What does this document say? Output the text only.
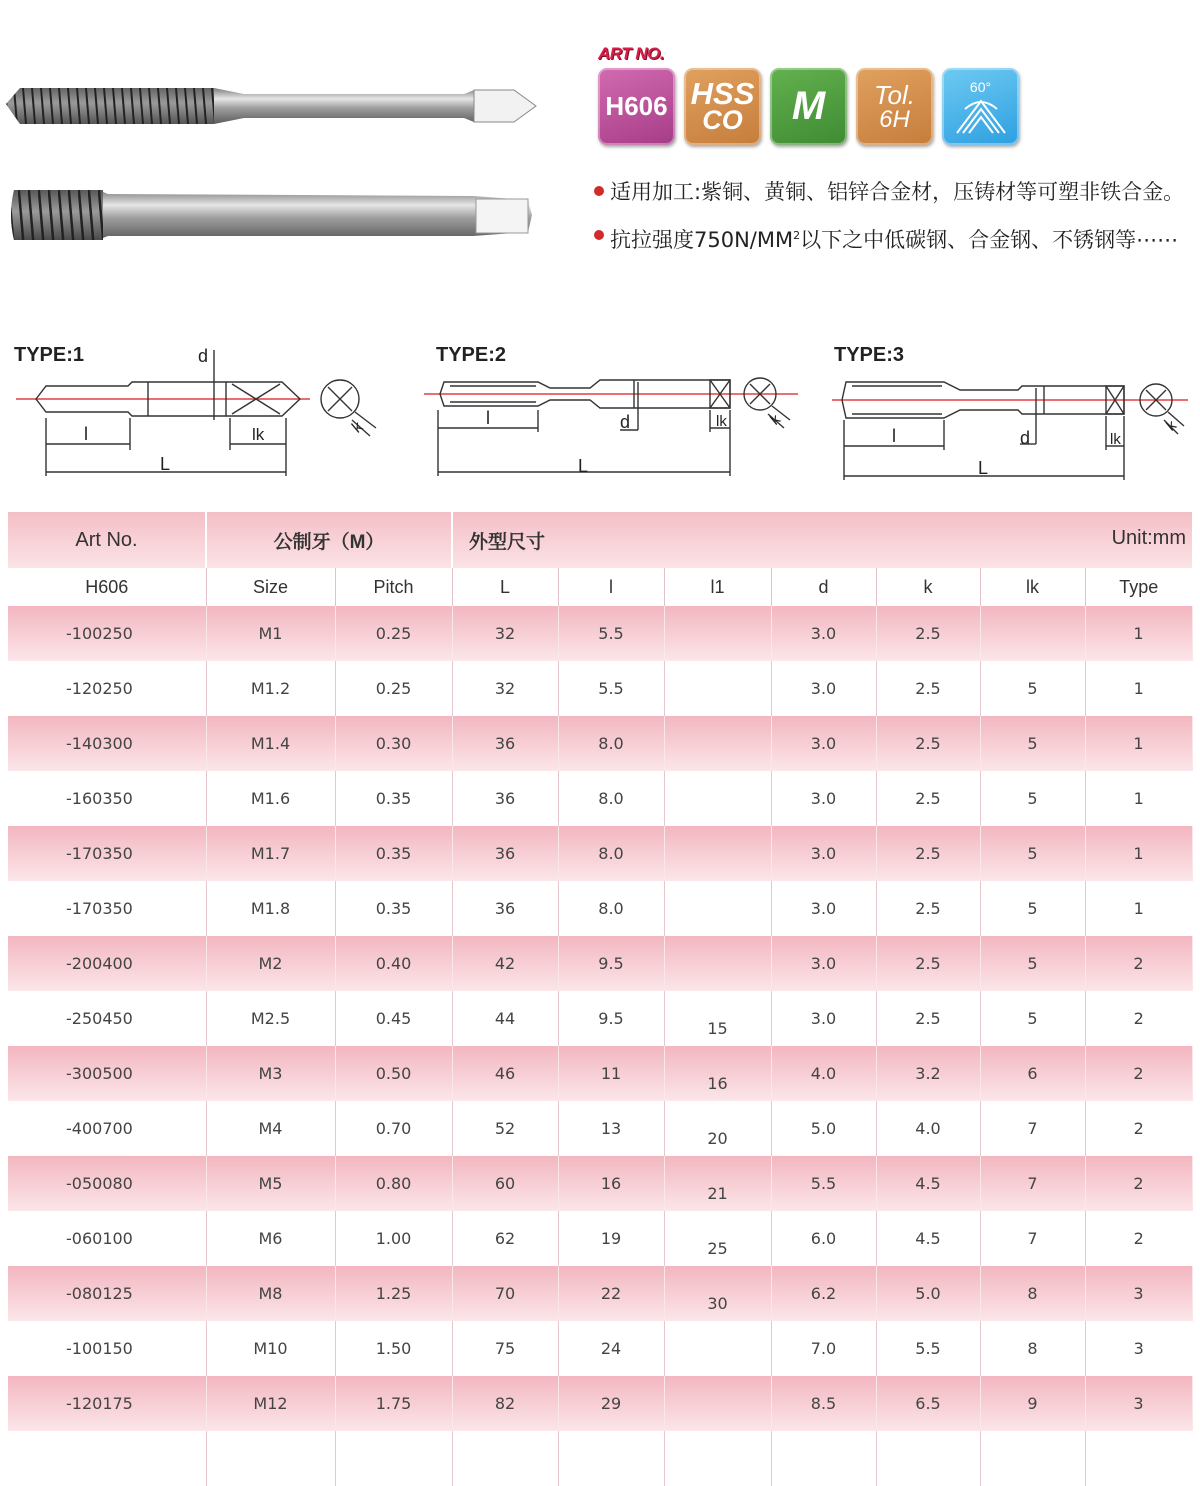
ART NO.
H606 HSS
CO M Tol.
6H
60°
适用加工:紫铜、黄铜、铝锌合金材，压铸材等可塑非铁合金。
抗拉强度$750N/MM^2$以下之中低碳钢、合金钢、不锈钢等⋯⋯
TYPE:1	d
l	lk
L
k
TYPE:2
l	d	lk
L
k
TYPE:3
l	d	lk
L
k
Art No.	公制牙（M）		外型尺寸 Unit:mm						

H606	Size	Pitch	L	l	l1	d	k	lk	Type
-100250	M1	0.25	32	5.5		3.0	2.5		1
-120250	M1.2	0.25	32	5.5		3.0	2.5	5	1
-140300	M1.4	0.30	36	8.0		3.0	2.5	5	1
-160350	M1.6	0.35	36	8.0		3.0	2.5	5	1
-170350	M1.7	0.35	36	8.0		3.0	2.5	5	1
-170350	M1.8	0.35	36	8.0		3.0	2.5	5	1
-200400	M2	0.40	42	9.5		3.0	2.5	5	2
-250450	M2.5	0.45	44	9.5	15	3.0	2.5	5	2
-300500	M3	0.50	46	11	16	4.0	3.2	6	2
-400700	M4	0.70	52	13	20	5.0	4.0	7	2
-050080	M5	0.80	60	16	21	5.5	4.5	7	2
-060100	M6	1.00	62	19	25	6.0	4.5	7	2
-080125	M8	1.25	70	22	30	6.2	5.0	8	3
-100150	M10	1.50	75	24		7.0	5.5	8	3
-120175	M12	1.75	82	29		8.5	6.5	9	3
